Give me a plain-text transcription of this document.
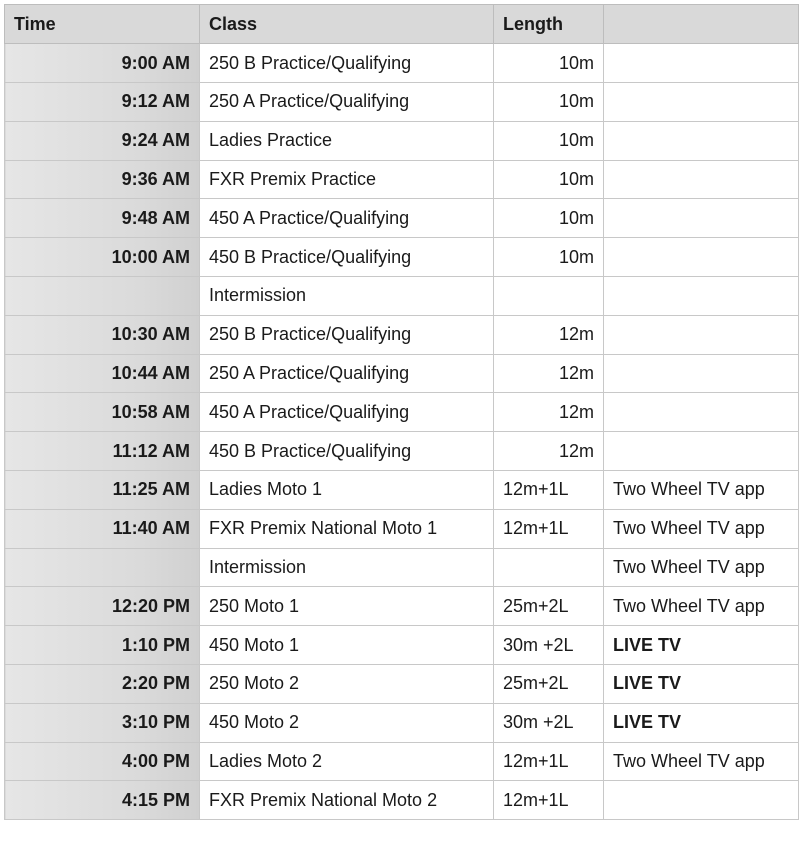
Time	Class	Length	
9:00 AM	250 B Practice/Qualifying	10m	
9:12 AM	250 A Practice/Qualifying	10m	
9:24 AM	Ladies Practice	10m	
9:36 AM	FXR Premix Practice	10m	
9:48 AM	450 A Practice/Qualifying	10m	
10:00 AM	450 B Practice/Qualifying	10m	
	Intermission		
10:30 AM	250 B Practice/Qualifying	12m	
10:44 AM	250 A Practice/Qualifying	12m	
10:58 AM	450 A Practice/Qualifying	12m	
11:12 AM	450 B Practice/Qualifying	12m	
11:25 AM	Ladies Moto 1	12m+1L	Two Wheel TV app
11:40 AM	FXR Premix National Moto 1	12m+1L	Two Wheel TV app
	Intermission		Two Wheel TV app
12:20 PM	250 Moto 1	25m+2L	Two Wheel TV app
1:10 PM	450 Moto 1	30m +2L	LIVE TV
2:20 PM	250 Moto 2	25m+2L	LIVE TV
3:10 PM	450 Moto 2	30m +2L	LIVE TV
4:00 PM	Ladies Moto 2	12m+1L	Two Wheel TV app
4:15 PM	FXR Premix National Moto 2	12m+1L	
